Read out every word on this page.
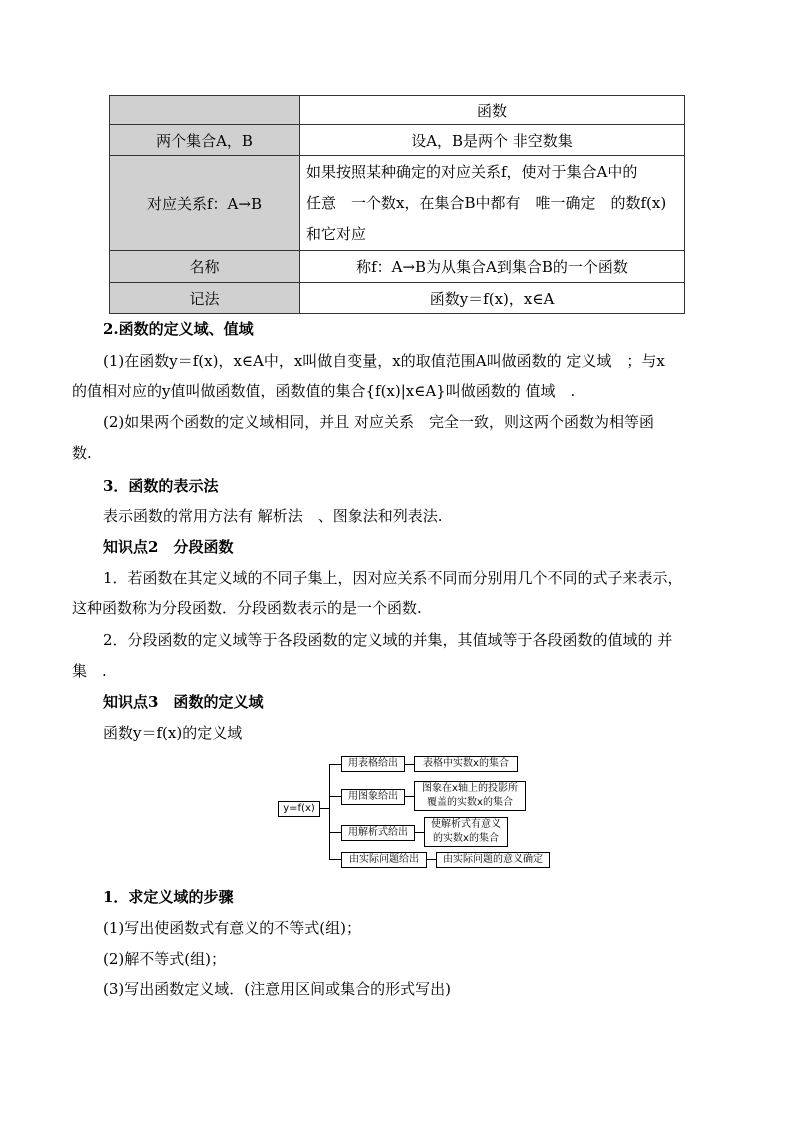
	函数
两个集合A，B	设A，B是两个 非空数集
对应关系f：A→B	如果按照某种确定的对应关系f，使对于集合A中的
任意　一个数x，在集合B中都有　唯一确定　的数f(x)
和它对应

名称	称f：A→B为从集合A到集合B的一个函数
记法	函数y＝f(x)，x∈A
2.函数的定义域、值域
(1)在函数y＝f(x)，x∈A中，x叫做自变量，x的取值范围A叫做函数的 定义域　；与x
的值相对应的y值叫做函数值，函数值的集合{f(x)|x∈A}叫做函数的 值域　.
(2)如果两个函数的定义域相同，并且 对应关系　完全一致，则这两个函数为相等函
数.
3．函数的表示法
表示函数的常用方法有 解析法　、图象法和列表法.
知识点2　分段函数
1．若函数在其定义域的不同子集上，因对应关系不同而分别用几个不同的式子来表示，
这种函数称为分段函数．分段函数表示的是一个函数.
2．分段函数的定义域等于各段函数的定义域的并集，其值域等于各段函数的值域的 并
集　.
知识点3　函数的定义域
函数y＝f(x)的定义域
y=f(x)
用表格给出	表格中实数x的集合
用图象给出
图象在x轴上的投影所
覆盖的实数x的集合
用解析式给出
使解析式有意义
的实数x的集合
由实际问题给出	由实际问题的意义确定
1．求定义域的步骤
(1)写出使函数式有意义的不等式(组)；
(2)解不等式(组)；
(3)写出函数定义域．(注意用区间或集合的形式写出)
